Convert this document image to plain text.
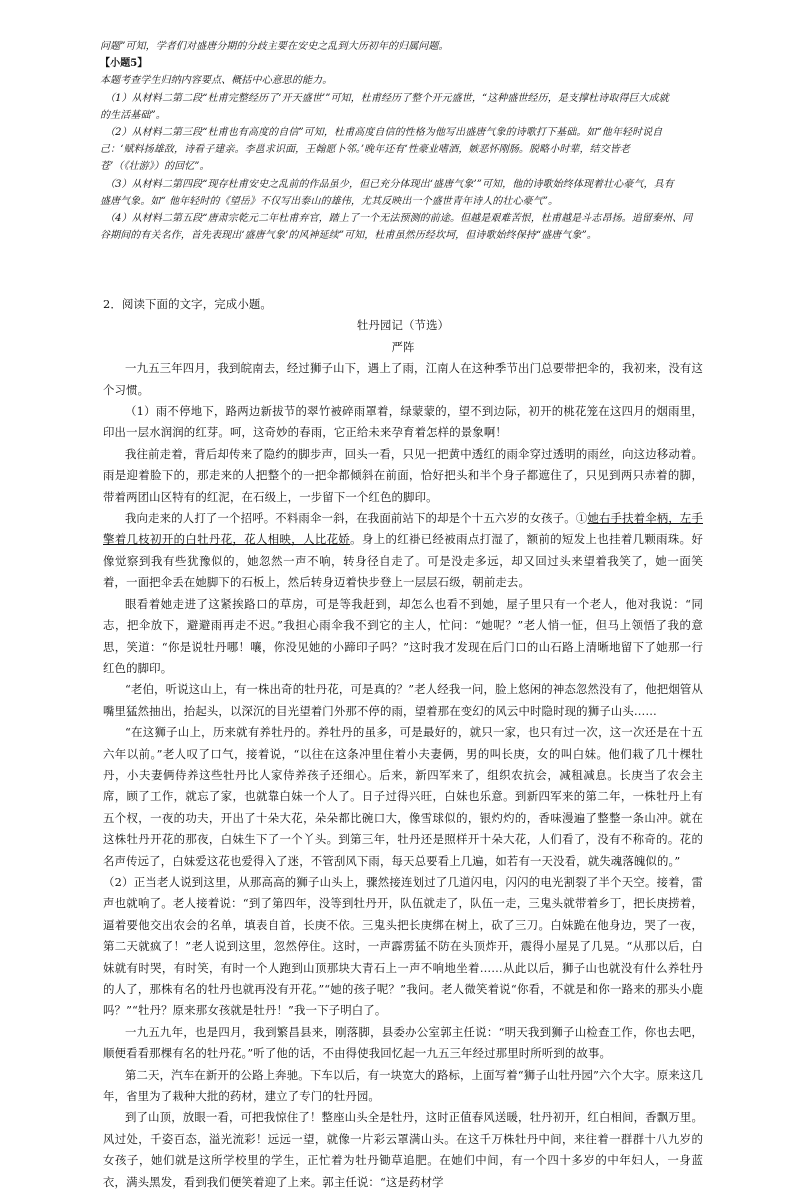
问题”可知，学者们对盛唐分期的分歧主要在安史之乱到大历初年的归属问题。

【小题5】

本题考查学生归纳内容要点、概括中心意思的能力。

（1）从材料二第二段“杜甫完整经历了‘开天盛世’”可知，杜甫经历了整个开元盛世，“这种盛世经历，是支撑杜诗取得巨大成就

的生活基础”。

（2）从材料二第三段“杜甫也有高度的自信”可知，杜甫高度自信的性格为他写出盛唐气象的诗歌打下基础。如“他年轻时说自

己：‘赋料扬雄敌，诗看子建亲。李邕求识面，王翰愿卜邻。’晚年还有‘性豪业嗜酒，嫉恶怀刚肠。脱略小时辈，结交皆老

苍’（《壮游》）的回忆”。

（3）从材料二第四段“现存杜甫安史之乱前的作品虽少，但已充分体现出‘盛唐气象’”可知，他的诗歌始终体现着壮心豪气，具有

盛唐气象。如“ 他年轻时的《望岳》不仅写出泰山的雄伟，尤其反映出一个盛世青年诗人的壮心豪气”。

（4）从材料二第五段“唐肃宗乾元二年杜甫弃官，踏上了一个无法预测的前途。但越是艰难苦恨，杜甫越是斗志昂扬。追留秦州、同

谷期间的有关名作，首先表现出‘盛唐气象’的风神延续”可知，杜甫虽然历经坎坷，但诗歌始终保持“盛唐气象”。

2．阅读下面的文字，完成小题。

牡丹园记（节选）

严阵

一九五三年四月，我到皖南去，经过狮子山下，遇上了雨，江南人在这种季节出门总要带把伞的，我初来，没有这个习惯。

（1）雨不停地下，路两边新拔节的翠竹被碎雨罩着，绿蒙蒙的，望不到边际，初开的桃花笼在这四月的烟雨里，印出一层水润润的红芽。呵，这奇妙的春雨，它正给未来孕育着怎样的景象啊！

我往前走着，背后却传来了隐约的脚步声，回头一看，只见一把黄中透红的雨伞穿过透明的雨丝，向这边移动着。雨是迎着脸下的，那走来的人把整个的一把伞都倾斜在前面，恰好把头和半个身子都遮住了，只见到两只赤着的脚，带着两团山区特有的红泥，在石级上，一步留下一个红色的脚印。

我向走来的人打了一个招呼。不料雨伞一斜，在我面前站下的却是个十五六岁的女孩子。①她右手扶着伞柄，左手擎着几枝初开的白牡丹花，花人相映，人比花娇。身上的红褂已经被雨点打湿了，额前的短发上也挂着几颗雨珠。好像觉察到我有些犹豫似的，她忽然一声不响，转身径自走了。可是没走多远，却又回过头来望着我笑了，她一面笑着，一面把伞丢在她脚下的石板上，然后转身迈着快步登上一层层石级，朝前走去。

眼看着她走进了这紧挨路口的草房，可是等我赶到，却怎么也看不到她，屋子里只有一个老人，他对我说：“同志，把伞放下，避避雨再走不迟。”我担心雨伞我不到它的主人，忙问：“她呢？”老人悄一怔，但马上领悟了我的意思，笑道：“你是说牡丹哪！嚷，你没见她的小蹄印子吗？”这时我才发现在后门口的山石路上清晰地留下了她那一行红色的脚印。

“老伯，听说这山上，有一株出奇的牡丹花，可是真的？”老人经我一问，脸上悠闲的神态忽然没有了，他把烟管从嘴里猛然抽出，抬起头，以深沉的目光望着门外那不停的雨，望着那在变幻的风云中时隐时现的狮子山头……

“在这狮子山上，历来就有养牡丹的。养牡丹的虽多，可是最好的，就只一家，也只有过一次，这一次还是在十五六年以前。”老人叹了口气，接着说，“以往在这条冲里住着小夫妻俩，男的叫长庚，女的叫白妹。他们栽了几十棵牡丹，小夫妻俩侍养这些牡丹比人家侍养孩子还细心。后来，新四军来了，组织农抗会，减租减息。长庚当了农会主席，顾了工作，就忘了家，也就靠白妹一个人了。日子过得兴旺，白妹也乐意。到新四军来的第二年，一株牡丹上有五个杈，一夜的功夫，开出了十朵大花，朵朵都比碗口大，像雪球似的，银灼灼的，香味漫遍了整整一条山冲。就在这株牡丹开花的那夜，白妹生下了一个丫头。到第三年，牡丹还是照样开十朵大花，人们看了，没有不称奇的。花的名声传远了，白妹爱这花也爱得入了迷，不管刮风下雨，每天总要看上几遍，如若有一天没看，就失魂落魄似的。”

（2）正当老人说到这里，从那高高的狮子山头上，骤然接连划过了几道闪电，闪闪的电光割裂了半个天空。接着，雷声也就响了。老人接着说：“到了第四年，没等到牡丹开，队伍就走了，队伍一走，三鬼头就带着乡丁，把长庚捞着，逼着要他交出农会的名单，填表自首，长庚不依。三鬼头把长庚绑在树上，砍了三刀。白妹跪在他身边，哭了一夜，第二天就疯了！”老人说到这里，忽然停住。这时，一声霹雳猛不防在头顶炸开，震得小屋晃了几晃。“从那以后，白妹就有时哭，有时笑，有时一个人跑到山顶那块大青石上一声不响地坐着……从此以后，狮子山也就没有什么养牡丹的人了，那株有名的牡丹也就再没有开花。”“她的孩子呢？”我问。老人微笑着说“你看，不就是和你一路来的那头小鹿吗？”“牡丹？原来那女孩就是牡丹！”我一下子明白了。

一九五九年，也是四月，我到繁昌县来，刚落脚，县委办公室郭主任说：“明天我到狮子山检查工作，你也去吧，顺便看看那棵有名的牡丹花。”听了他的话，不由得使我回忆起一九五三年经过那里时所听到的故事。

第二天，汽车在新开的公路上奔驰。下车以后，有一块宽大的路标，上面写着“狮子山牡丹园”六个大字。原来这几年，省里为了栽种大批的药材，建立了专门的牡丹园。

到了山顶，放眼一看，可把我惊住了！整座山头全是牡丹，这时正值春风送暖，牡丹初开，红白相间，香飘万里。风过处，千姿百态，溢光流彩！远远一望，就像一片彩云罩满山头。在这千万株牡丹中间，来往着一群群十八九岁的女孩子，她们就是这所学校里的学生，正忙着为牡丹锄草追肥。在她们中间，有一个四十多岁的中年妇人，一身蓝衣，满头黑发，看到我们便笑着迎了上来。郭主任说：“这是药材学
